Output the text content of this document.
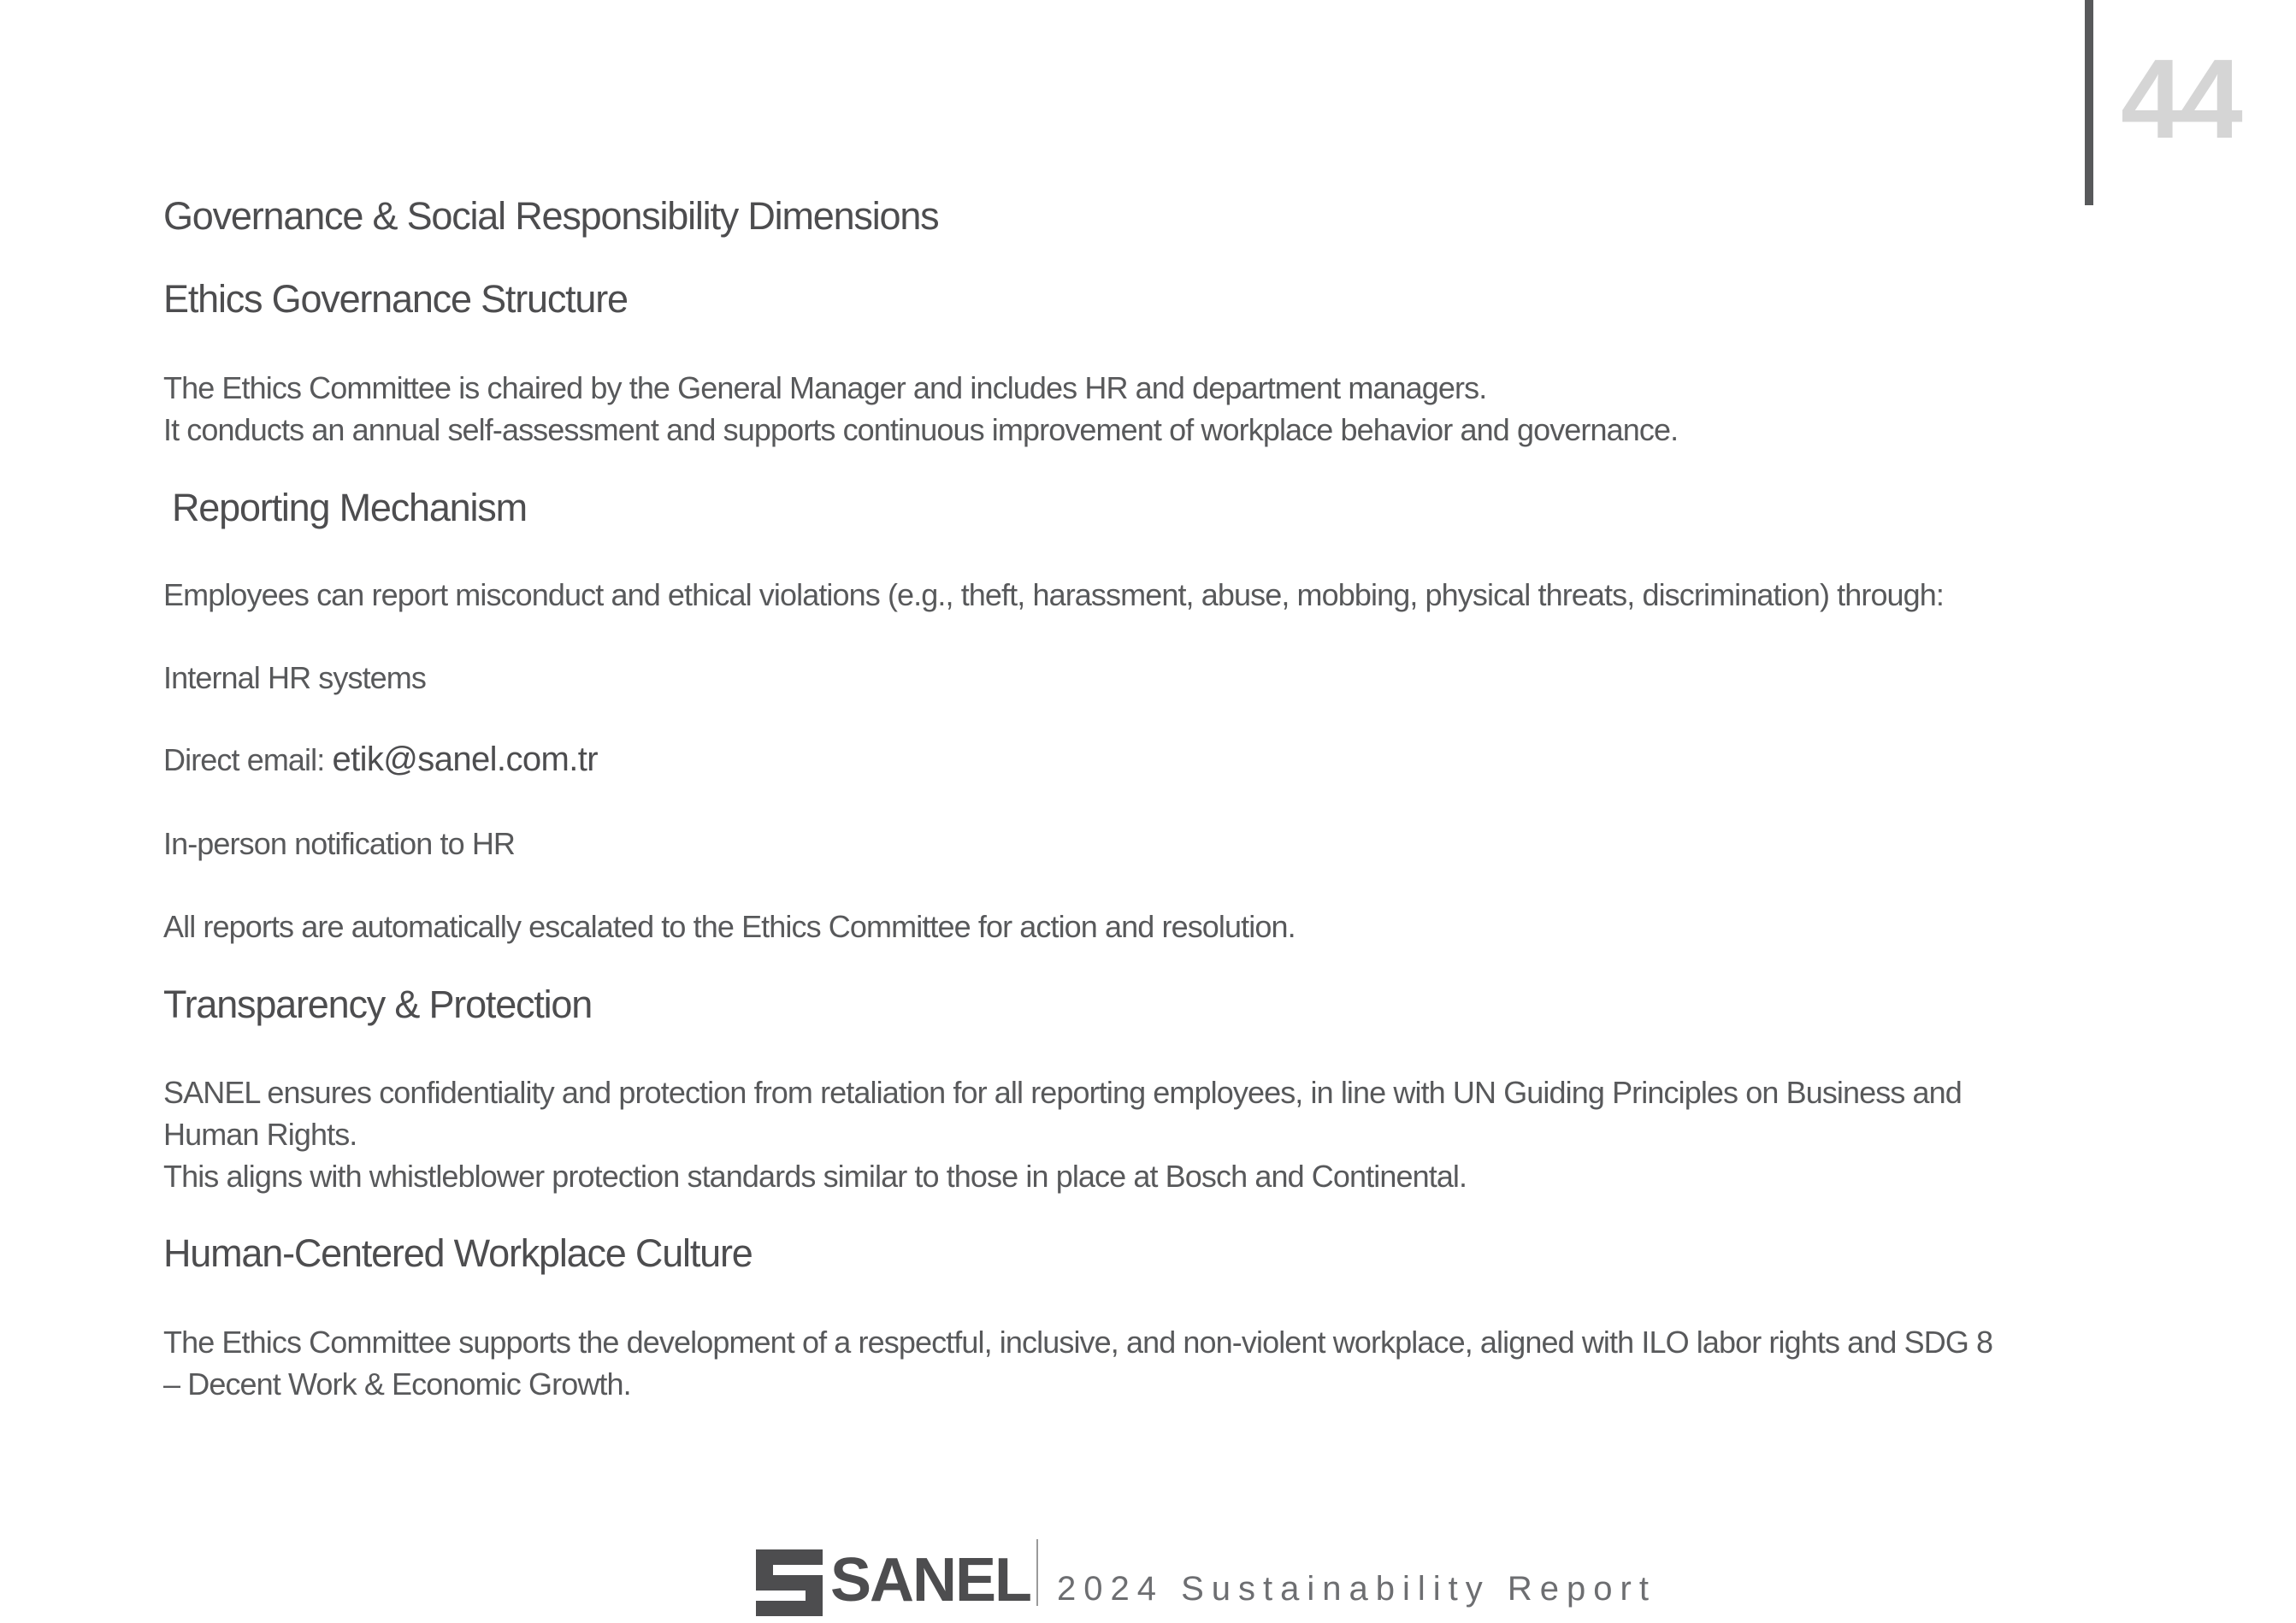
44
Governance & Social Responsibility Dimensions
Ethics Governance Structure
The Ethics Committee is chaired by the General Manager and includes HR and department managers.
It conducts an annual self-assessment and supports continuous improvement of workplace behavior and governance.
Reporting Mechanism
Employees can report misconduct and ethical violations (e.g., theft, harassment, abuse, mobbing, physical threats, discrimination) through:
Internal HR systems
Direct email: etik@sanel.com.tr
In-person notification to HR
All reports are automatically escalated to the Ethics Committee for action and resolution.
Transparency & Protection
SANEL ensures confidentiality and protection from retaliation for all reporting employees, in line with UN Guiding Principles on Business and
Human Rights.
This aligns with whistleblower protection standards similar to those in place at Bosch and Continental.
Human-Centered Workplace Culture
The Ethics Committee supports the development of a respectful, inclusive, and non-violent workplace, aligned with ILO labor rights and SDG 8
– Decent Work & Economic Growth.
SANEL 2024 Sustainability Report
